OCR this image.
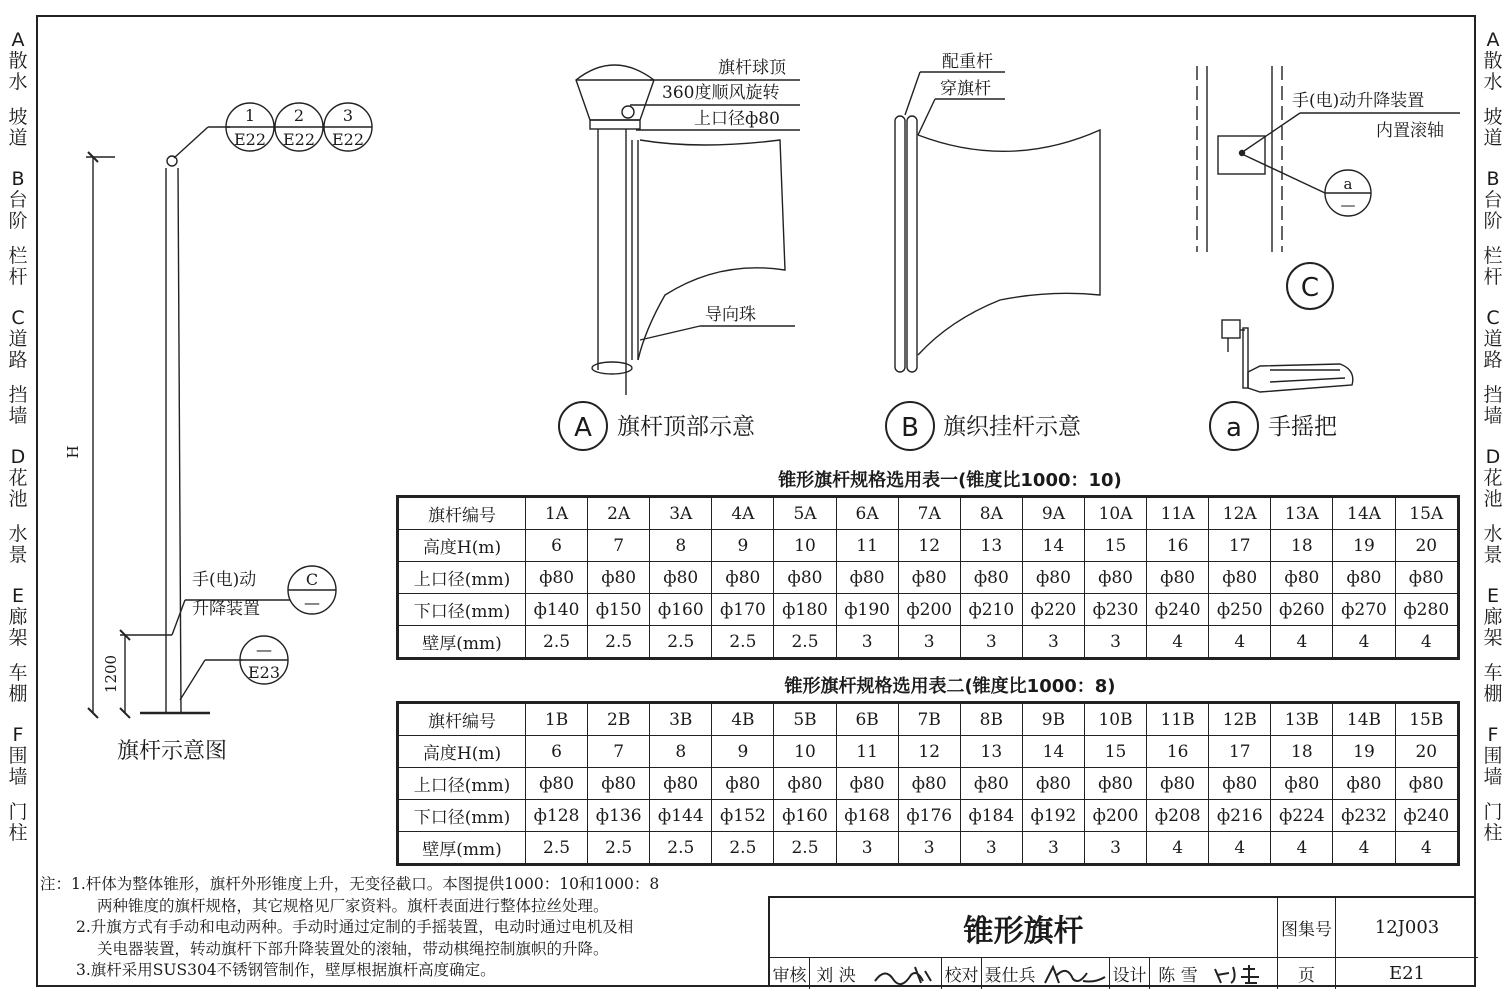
A
散水
坡道
B
台阶
栏杆
C
道路
挡墙
D
花池
水景
E
廊架
车棚
F
围墙
门柱
A
散水
坡道
B
台阶
栏杆
C
道路
挡墙
D
花池
水景
E
廊架
车棚
F
围墙
门柱
1
E22
2
E22
3
E22
C
—
—
E23
手(电)动
升降装置
H
1200
旗杆示意图
旗杆球顶
360度顺风旋转
上口径ф80
导向珠
A 旗杆顶部示意
配重杆
穿旗杆
B 旗织挂杆示意
手(电)动升降装置
内置滚轴
a
—
C
a 手摇把
锥形旗杆规格选用表一(锥度比1000：10)
旗杆编号	1A	2A	3A	4A	5A	6A	7A	8A	9A	10A	11A	12A	13A	14A	15A
高度H(m)	6	7	8	9	10	11	12	13	14	15	16	17	18	19	20
上口径(mm)	ф80	ф80	ф80	ф80	ф80	ф80	ф80	ф80	ф80	ф80	ф80	ф80	ф80	ф80	ф80
下口径(mm)	ф140	ф150	ф160	ф170	ф180	ф190	ф200	ф210	ф220	ф230	ф240	ф250	ф260	ф270	ф280
壁厚(mm)	2.5	2.5	2.5	2.5	2.5	3	3	3	3	3	4	4	4	4	4
锥形旗杆规格选用表二(锥度比1000：8)
旗杆编号	1B	2B	3B	4B	5B	6B	7B	8B	9B	10B	11B	12B	13B	14B	15B
高度H(m)	6	7	8	9	10	11	12	13	14	15	16	17	18	19	20
上口径(mm)	ф80	ф80	ф80	ф80	ф80	ф80	ф80	ф80	ф80	ф80	ф80	ф80	ф80	ф80	ф80
下口径(mm)	ф128	ф136	ф144	ф152	ф160	ф168	ф176	ф184	ф192	ф200	ф208	ф216	ф224	ф232	ф240
壁厚(mm)	2.5	2.5	2.5	2.5	2.5	3	3	3	3	3	4	4	4	4	4

注：1.杆体为整体锥形，旗杆外形锥度上升，无变径截口。本图提供1000：10和1000：8

两种锥度的旗杆规格，其它规格见厂家资料。旗杆表面进行整体拉丝处理。

2.升旗方式有手动和电动两种。手动时通过定制的手摇装置，电动时通过电机及相

关电器装置，转动旗杆下部升降装置处的滚轴，带动棋绳控制旗帜的升降。

3.旗杆采用SUS304不锈钢管制作，壁厚根据旗杆高度确定。

锥形旗杆	图集号	12J003
审核 刘 泱	校对 聂仕兵	设计 陈 雪	页	E21
